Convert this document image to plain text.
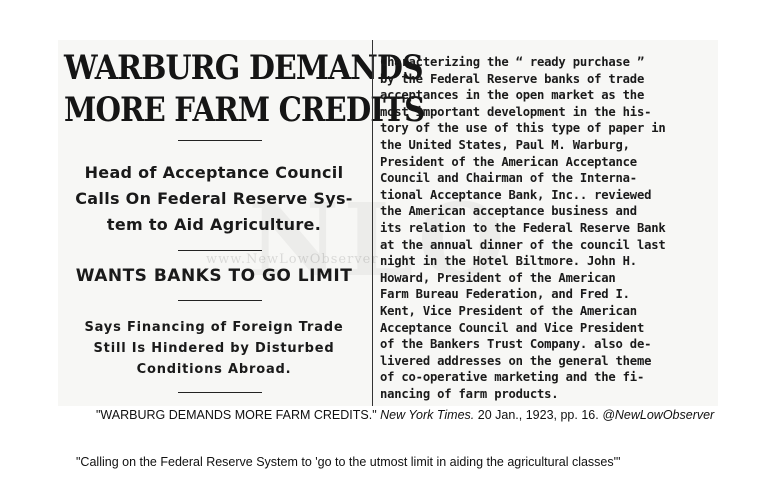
www.NewLowObserver
WARBURG DEMANDS
MORE FARM CREDITS
Head of Acceptance Council
Calls On Federal Reserve Sys-
tem to Aid Agriculture.
WANTS BANKS TO GO LIMIT
Says Financing of Foreign Trade
Still Is Hindered by Disturbed
Conditions Abroad.
Characterizing the “ ready purchase ”
by the Federal Reserve banks of trade
acceptances in the open market as the
most important development in the his-
tory of the use of this type of paper in
the United States, Paul M. Warburg,
President of the American Acceptance
Council and Chairman of the Interna-
tional Acceptance Bank, Inc.. reviewed
the American acceptance business and
its relation to the Federal Reserve Bank
at the annual dinner of the council last
night in the Hotel Biltmore. John H.
Howard, President of the American
Farm Bureau Federation, and Fred I.
Kent, Vice President of the American
Acceptance Council and Vice President
of the Bankers Trust Company. also de-
livered addresses on the general theme
of co-operative marketing and the fi-
nancing of farm products.
"WARBURG DEMANDS MORE FARM CREDITS." New York Times. 20 Jan., 1923, pp. 16. @NewLowObserver
"Calling on the Federal Reserve System to 'go to the utmost limit in aiding the agricultural classes'"
